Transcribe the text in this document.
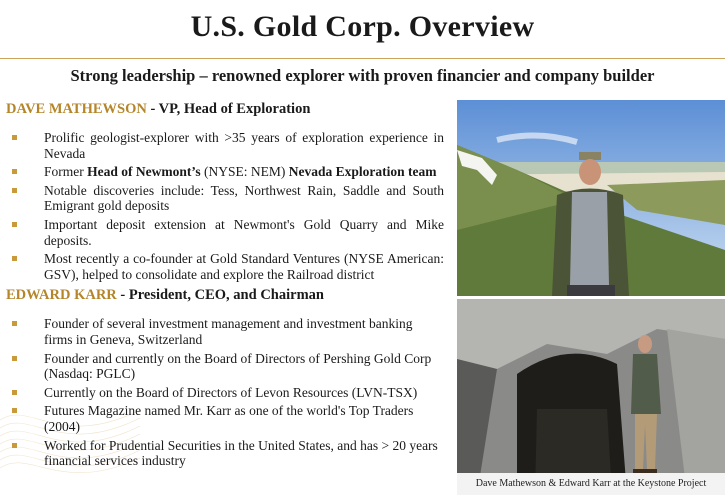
U.S. Gold Corp. Overview
Strong leadership – renowned explorer with proven financier and company builder

DAVE MATHEWSON - VP, Head of Exploration

Prolific geologist-explorer with >35 years of exploration experience in Nevada
Former Head of Newmont’s (NYSE: NEM) Nevada Exploration team
Notable discoveries include: Tess, Northwest Rain, Saddle and South Emigrant gold deposits
Important deposit extension at Newmont's Gold Quarry and Mike deposits.
Most recently a co-founder at Gold Standard Ventures (NYSE American: GSV), helped to consolidate and explore the Railroad district

EDWARD KARR - President, CEO, and Chairman

Founder of several investment management and investment banking firms in Geneva, Switzerland
Founder and currently on the Board of Directors of Pershing Gold Corp (Nasdaq: PGLC)
Currently on the Board of Directors of Levon Resources (LVN-TSX)
Futures Magazine named Mr. Karr as one of the world's Top Traders (2004)
Worked for Prudential Securities in the United States, and has > 20 years financial services industry
Dave Mathewson & Edward Karr at the Keystone Project
